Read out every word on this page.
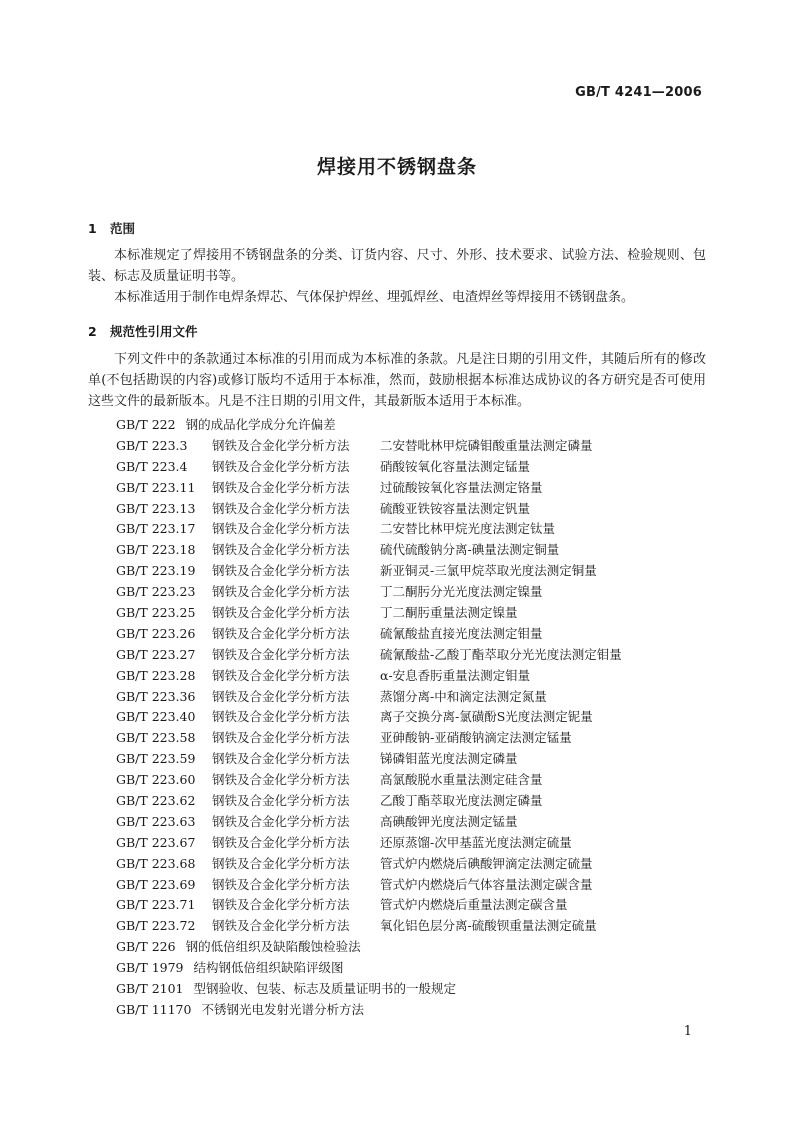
GB/T 4241—2006
焊接用不锈钢盘条
1 范围

本标准规定了焊接用不锈钢盘条的分类、订货内容、尺寸、外形、技术要求、试验方法、检验规则、包装、标志及质量证明书等。

本标准适用于制作电焊条焊芯、气体保护焊丝、埋弧焊丝、电渣焊丝等焊接用不锈钢盘条。

2 规范性引用文件

下列文件中的条款通过本标准的引用而成为本标准的条款。凡是注日期的引用文件，其随后所有的修改单(不包括勘误的内容)或修订版均不适用于本标准，然而，鼓励根据本标准达成协议的各方研究是否可使用这些文件的最新版本。凡是不注日期的引用文件，其最新版本适用于本标准。

GB/T 222 钢的成品化学成分允许偏差
GB/T 223.3 钢铁及合金化学分析方法 二安替吡林甲烷磷钼酸重量法测定磷量
GB/T 223.4 钢铁及合金化学分析方法 硝酸铵氧化容量法测定锰量
GB/T 223.11 钢铁及合金化学分析方法 过硫酸铵氧化容量法测定铬量
GB/T 223.13 钢铁及合金化学分析方法 硫酸亚铁铵容量法测定钒量
GB/T 223.17 钢铁及合金化学分析方法 二安替比林甲烷光度法测定钛量
GB/T 223.18 钢铁及合金化学分析方法 硫代硫酸钠分离-碘量法测定铜量
GB/T 223.19 钢铁及合金化学分析方法 新亚铜灵-三氯甲烷萃取光度法测定铜量
GB/T 223.23 钢铁及合金化学分析方法 丁二酮肟分光光度法测定镍量
GB/T 223.25 钢铁及合金化学分析方法 丁二酮肟重量法测定镍量
GB/T 223.26 钢铁及合金化学分析方法 硫氰酸盐直接光度法测定钼量
GB/T 223.27 钢铁及合金化学分析方法 硫氰酸盐-乙酸丁酯萃取分光光度法测定钼量
GB/T 223.28 钢铁及合金化学分析方法 α-安息香肟重量法测定钼量
GB/T 223.36 钢铁及合金化学分析方法 蒸馏分离-中和滴定法测定氮量
GB/T 223.40 钢铁及合金化学分析方法 离子交换分离-氯磺酚S光度法测定铌量
GB/T 223.58 钢铁及合金化学分析方法 亚砷酸钠-亚硝酸钠滴定法测定锰量
GB/T 223.59 钢铁及合金化学分析方法 锑磷钼蓝光度法测定磷量
GB/T 223.60 钢铁及合金化学分析方法 高氯酸脱水重量法测定硅含量
GB/T 223.62 钢铁及合金化学分析方法 乙酸丁酯萃取光度法测定磷量
GB/T 223.63 钢铁及合金化学分析方法 高碘酸钾光度法测定锰量
GB/T 223.67 钢铁及合金化学分析方法 还原蒸馏-次甲基蓝光度法测定硫量
GB/T 223.68 钢铁及合金化学分析方法 管式炉内燃烧后碘酸钾滴定法测定硫量
GB/T 223.69 钢铁及合金化学分析方法 管式炉内燃烧后气体容量法测定碳含量
GB/T 223.71 钢铁及合金化学分析方法 管式炉内燃烧后重量法测定碳含量
GB/T 223.72 钢铁及合金化学分析方法 氧化铝色层分离-硫酸钡重量法测定硫量
GB/T 226 钢的低倍组织及缺陷酸蚀检验法
GB/T 1979 结构钢低倍组织缺陷评级图
GB/T 2101 型钢验收、包装、标志及质量证明书的一般规定
GB/T 11170 不锈钢光电发射光谱分析方法
1
